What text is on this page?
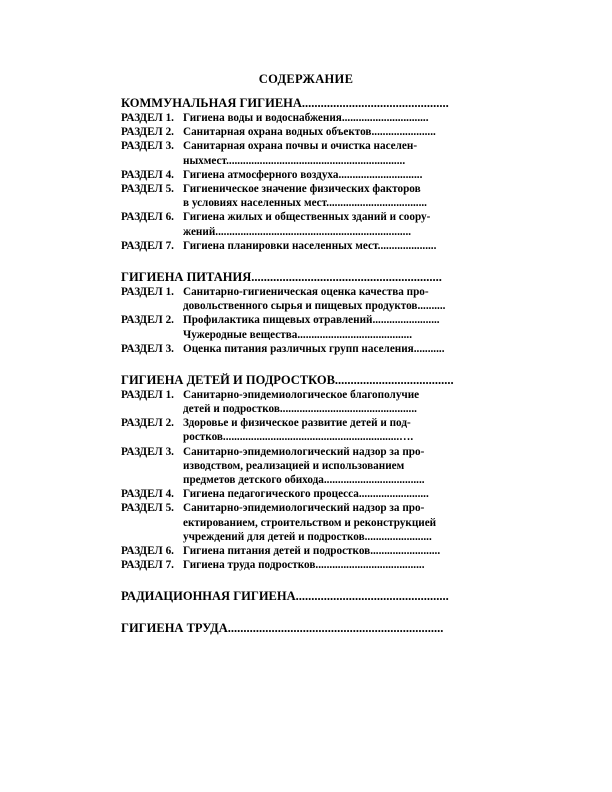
СОДЕРЖАНИЕ
КОММУНАЛЬНАЯ ГИГИЕНА...............................................
РАЗДЕЛ 1. Гигиена воды и водоснабжения...............................
РАЗДЕЛ 2. Санитарная охрана водных объектов.......................
РАЗДЕЛ 3. Санитарная охрана почвы и очистка населен-
ныхмест................................................................
РАЗДЕЛ 4. Гигиена атмосферного воздуха..............................
РАЗДЕЛ 5. Гигиеническое значение физических факторов
в условиях населенных мест....................................
РАЗДЕЛ 6. Гигиена жилых и общественных зданий и соору-
жений......................................................................
РАЗДЕЛ 7. Гигиена планировки населенных мест.....................
ГИГИЕНА ПИТАНИЯ.............................................................
РАЗДЕЛ 1. Санитарно-гигиеническая оценка качества про-
довольственного сырья и пищевых продуктов..........
РАЗДЕЛ 2. Профилактика пищевых отравлений........................
Чужеродные вещества.........................................
РАЗДЕЛ 3. Оценка питания различных групп населения...........
ГИГИЕНА ДЕТЕЙ И ПОДРОСТКОВ......................................
РАЗДЕЛ 1. Санитарно-эпидемиологическое благополучие
детей и подростков.................................................
РАЗДЕЛ 2. Здоровье и физическое развитие детей и под-
ростков...............................................................….
РАЗДЕЛ 3. Санитарно-эпидемиологический надзор за про-
изводством, реализацией и использованием
предметов детского обихода....................................
РАЗДЕЛ 4. Гигиена педагогического процесса.........................
РАЗДЕЛ 5. Санитарно-эпидемиологический надзор за про-
ектированием, строительством и реконструкцией
учреждений для детей и подростков........................
РАЗДЕЛ 6. Гигиена питания детей и подростков.........................
РАЗДЕЛ 7. Гигиена труда подростков.......................................
РАДИАЦИОННАЯ ГИГИЕНА.................................................
ГИГИЕНА ТРУДА.....................................................................
